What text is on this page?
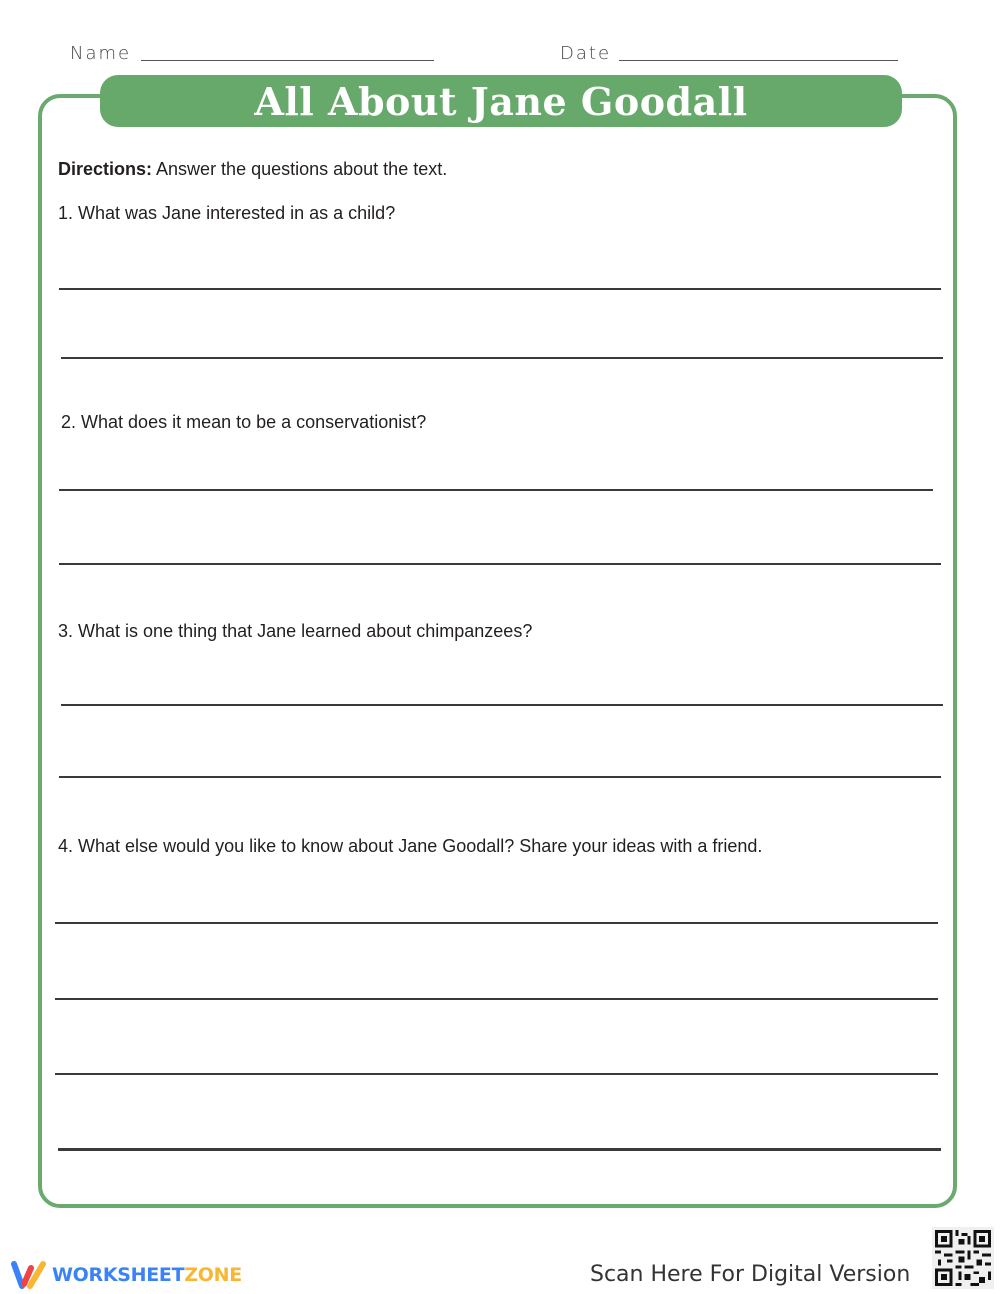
Name	Date
All About Jane Goodall
Directions: Answer the questions about the text.
1. What was Jane interested in as a child?
2. What does it mean to be a conservationist?
3. What is one thing that Jane learned about chimpanzees?
4. What else would you like to know about Jane Goodall? Share your ideas with a friend.
WORKSHEETZONE	Scan Here For Digital Version
